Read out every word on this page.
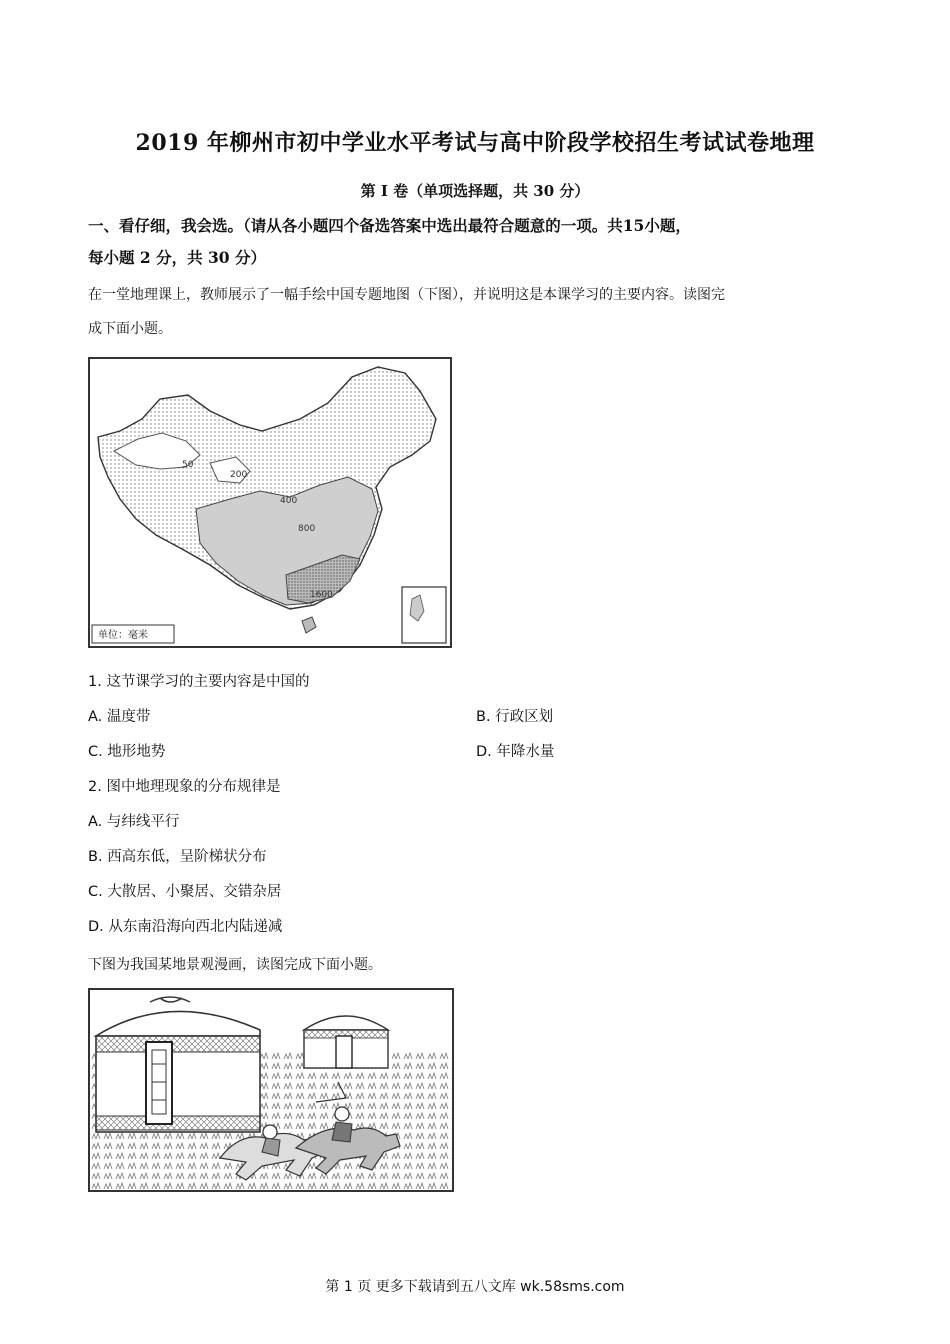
2019 年柳州市初中学业水平考试与高中阶段学校招生考试试卷地理
第 I 卷（单项选择题，共 30 分）
一、看仔细，我会选。（请从各小题四个备选答案中选出最符合题意的一项。共15小题，
每小题 2 分，共 30 分）
在一堂地理课上，教师展示了一幅手绘中国专题地图（下图），并说明这是本课学习的主要内容。读图完
成下面小题。
50
200
400
800
1600
单位：毫米
1. 这节课学习的主要内容是中国的
A. 温度带	B. 行政区划
C. 地形地势	D. 年降水量
2. 图中地理现象的分布规律是
A. 与纬线平行
B. 西高东低，呈阶梯状分布
C. 大散居、小聚居、交错杂居
D. 从东南沿海向西北内陆递减
下图为我国某地景观漫画，读图完成下面小题。
第 1 页 更多下载请到五八文库 wk.58sms.com
